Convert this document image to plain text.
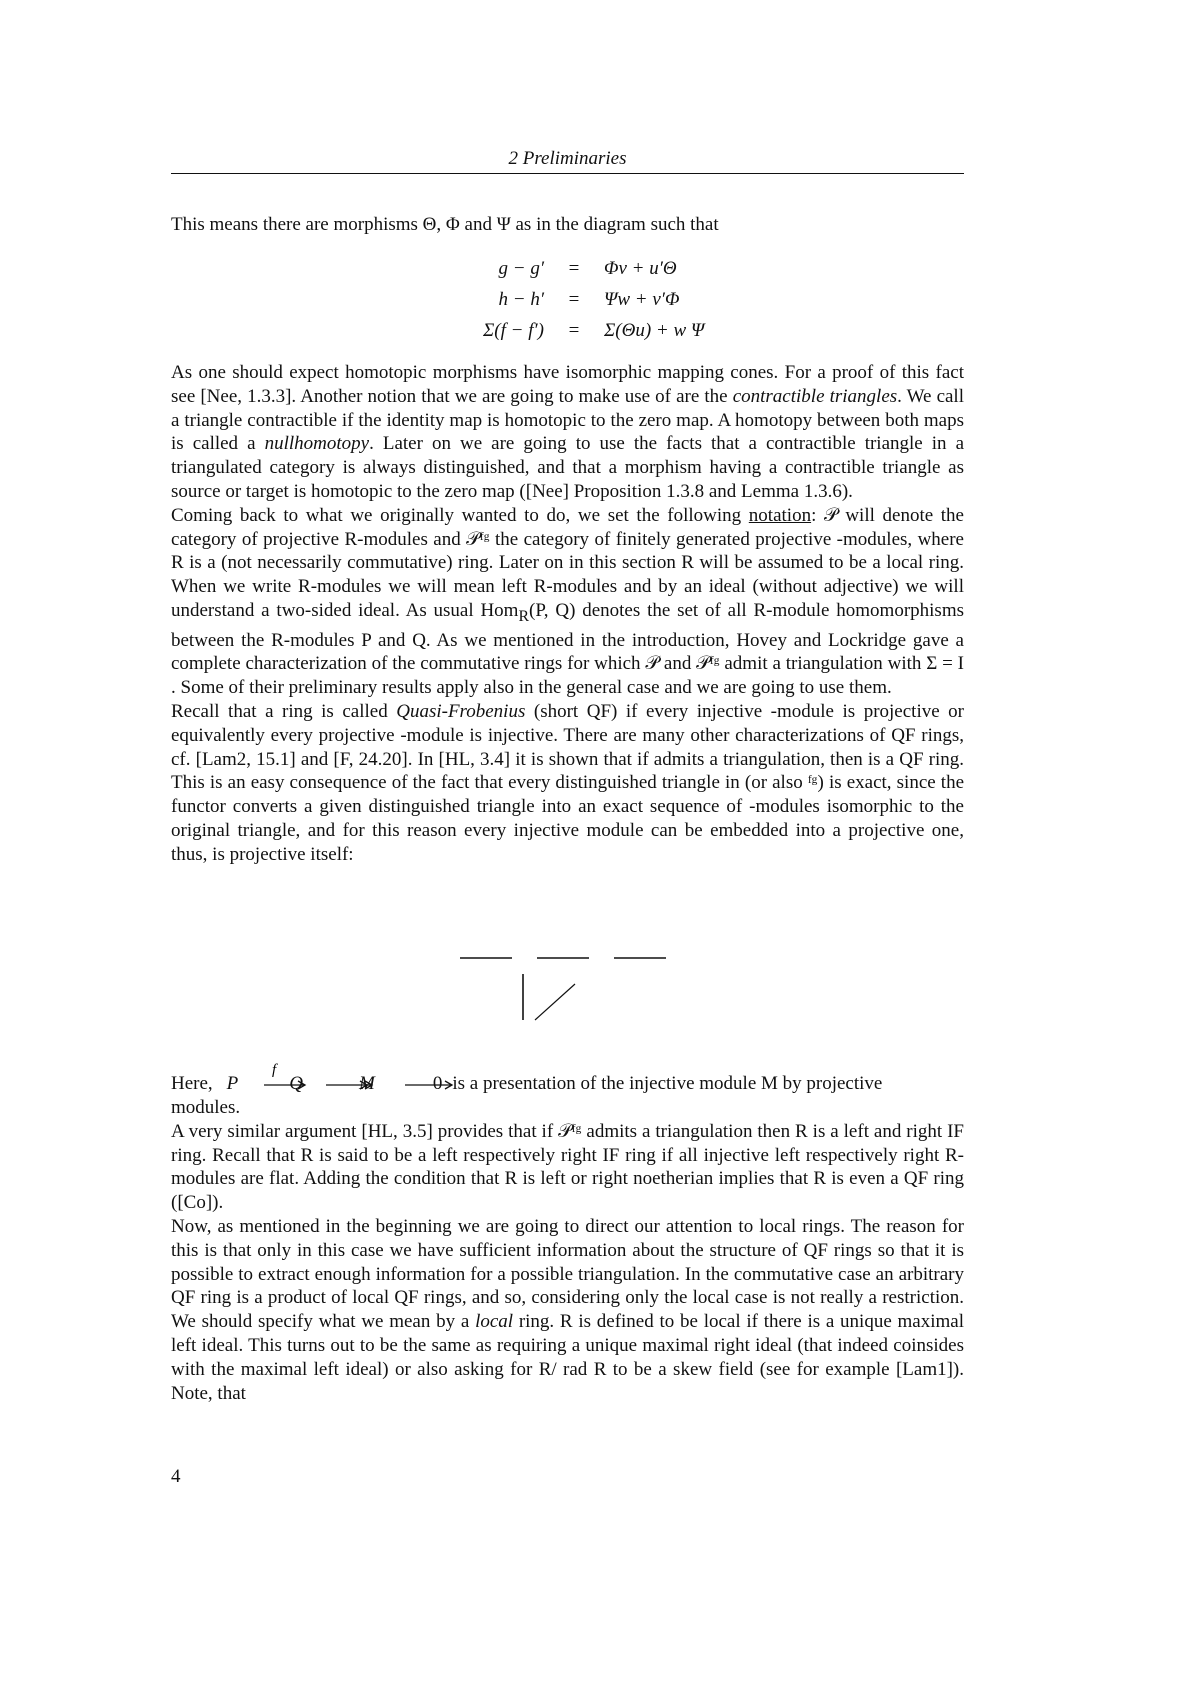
2 Preliminaries

This means there are morphisms Θ, Φ and Ψ as in the diagram such that

g − g′	=	Φv + u′Θ
h − h′	=	Ψw + v′Φ
Σ(f − f′)	=	Σ(Θu) + w Ψ

As one should expect homotopic morphisms have isomorphic mapping cones. For a proof of this fact see [Nee, 1.3.3]. Another notion that we are going to make use of are the contractible triangles. We call a triangle contractible if the identity map is homotopic to the zero map. A homotopy between both maps is called a nullhomotopy. Later on we are going to use the facts that a contractible triangle in a triangulated category is always distinguished, and that a morphism having a contractible triangle as source or target is homotopic to the zero map ([Nee] Proposition 1.3.8 and Lemma 1.3.6).

Coming back to what we originally wanted to do, we set the following notation: 𝒫 will denote the category of projective R-modules and 𝒫ᶠᵍ the category of finitely generated projective -modules, where R is a (not necessarily commutative) ring. Later on in this section R will be assumed to be a local ring. When we write R-modules we will mean left R-modules and by an ideal (without adjective) we will understand a two-sided ideal. As usual Hom$_R$(P, Q) denotes the set of all R-module homomorphisms between the R-modules P and Q. As we mentioned in the introduction, Hovey and Lockridge gave a complete characterization of the commutative rings for which 𝒫 and 𝒫ᶠᵍ admit a triangulation with Σ = I . Some of their preliminary results apply also in the general case and we are going to use them.

Recall that a ring is called Quasi-Frobenius (short QF) if every injective -module is projective or equivalently every projective -module is injective. There are many other characterizations of QF rings, cf. [Lam2, 15.1] and [F, 24.20]. In [HL, 3.4] it is shown that if admits a triangulation, then is a QF ring. This is an easy consequence of the fact that every distinguished triangle in (or also ᶠᵍ) is exact, since the functor converts a given distinguished triangle into an exact sequence of -modules isomorphic to the original triangle, and for this reason every injective module can be embedded into a projective one, thus, is projective itself:

f
Here, P	Q	M	0 is a presentation of the injective module M by projective

modules.

A very similar argument [HL, 3.5] provides that if 𝒫ᶠᵍ admits a triangulation then R is a left and right IF ring. Recall that R is said to be a left respectively right IF ring if all injective left respectively right R-modules are flat. Adding the condition that R is left or right noetherian implies that R is even a QF ring ([Co]).

Now, as mentioned in the beginning we are going to direct our attention to local rings. The reason for this is that only in this case we have sufficient information about the structure of QF rings so that it is possible to extract enough information for a possible triangulation. In the commutative case an arbitrary QF ring is a product of local QF rings, and so, considering only the local case is not really a restriction. We should specify what we mean by a local ring. R is defined to be local if there is a unique maximal left ideal. This turns out to be the same as requiring a unique maximal right ideal (that indeed coinsides with the maximal left ideal) or also asking for R/ rad R to be a skew field (see for example [Lam1]). Note, that

4
